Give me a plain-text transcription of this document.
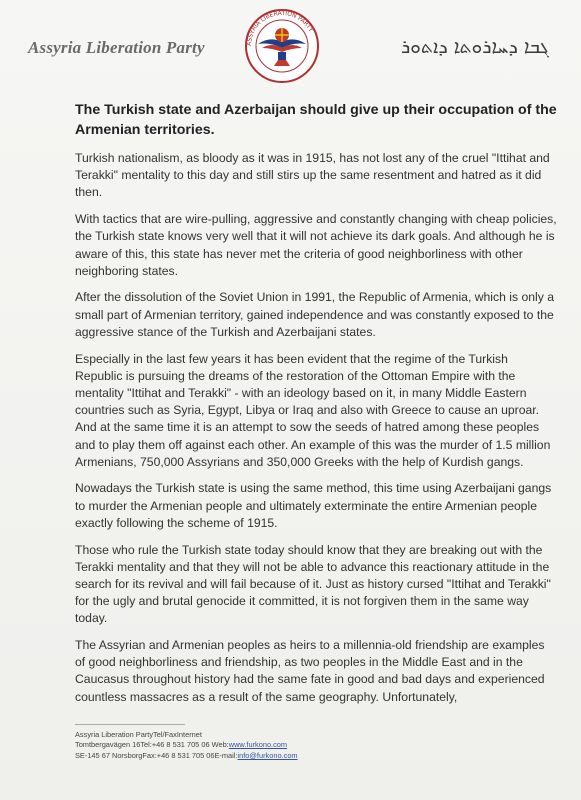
Assyria Liberation Party	ASSYRIA LIBERATION PARTY
ܓܒܐ ܕܚܐܪܘܬܐ ܕܐܬܘܪ
The Turkish state and Azerbaijan should give up their occupation of the Armenian territories.

Turkish nationalism, as bloody as it was in 1915, has not lost any of the cruel "Ittihat and Terakki" mentality to this day and still stirs up the same resentment and hatred as it did then.

With tactics that are wire-pulling, aggressive and constantly changing with cheap policies, the Turkish state knows very well that it will not achieve its dark goals. And although he is aware of this, this state has never met the criteria of good neighborliness with other neighboring states.

After the dissolution of the Soviet Union in 1991, the Republic of Armenia, which is only a small part of Armenian territory, gained independence and was constantly exposed to the aggressive stance of the Turkish and Azerbaijani states.

Especially in the last few years it has been evident that the regime of the Turkish Republic is pursuing the dreams of the restoration of the Ottoman Empire with the mentality "Ittihat and Terakki" - with an ideology based on it, in many Middle Eastern countries such as Syria, Egypt, Libya or Iraq and also with Greece to cause an uproar. And at the same time it is an attempt to sow the seeds of hatred among these peoples and to play them off against each other. An example of this was the murder of 1.5 million Armenians, 750,000 Assyrians and 350,000 Greeks with the help of Kurdish gangs.

Nowadays the Turkish state is using the same method, this time using Azerbaijani gangs to murder the Armenian people and ultimately exterminate the entire Armenian people exactly following the scheme of 1915.

Those who rule the Turkish state today should know that they are breaking out with the Terakki mentality and that they will not be able to advance this reactionary attitude in the search for its revival and will fail because of it. Just as history cursed "Ittihat and Terakki" for the ugly and brutal genocide it committed, it is not forgiven them in the same way today.

The Assyrian and Armenian peoples as heirs to a millennia-old friendship are examples of good neighborliness and friendship, as two peoples in the Middle East and in the Caucasus throughout history had the same fate in good and bad days and experienced countless massacres as a result of the same geography. Unfortunately,

Assyria Liberation PartyTel/FaxInternet
Tomtbergavägen 16Tel:+46 8 531 705 06 Web:www.furkono.com
SE-145 67 NorsborgFax:+46 8 531 705 06E-mail:info@furkono.com
